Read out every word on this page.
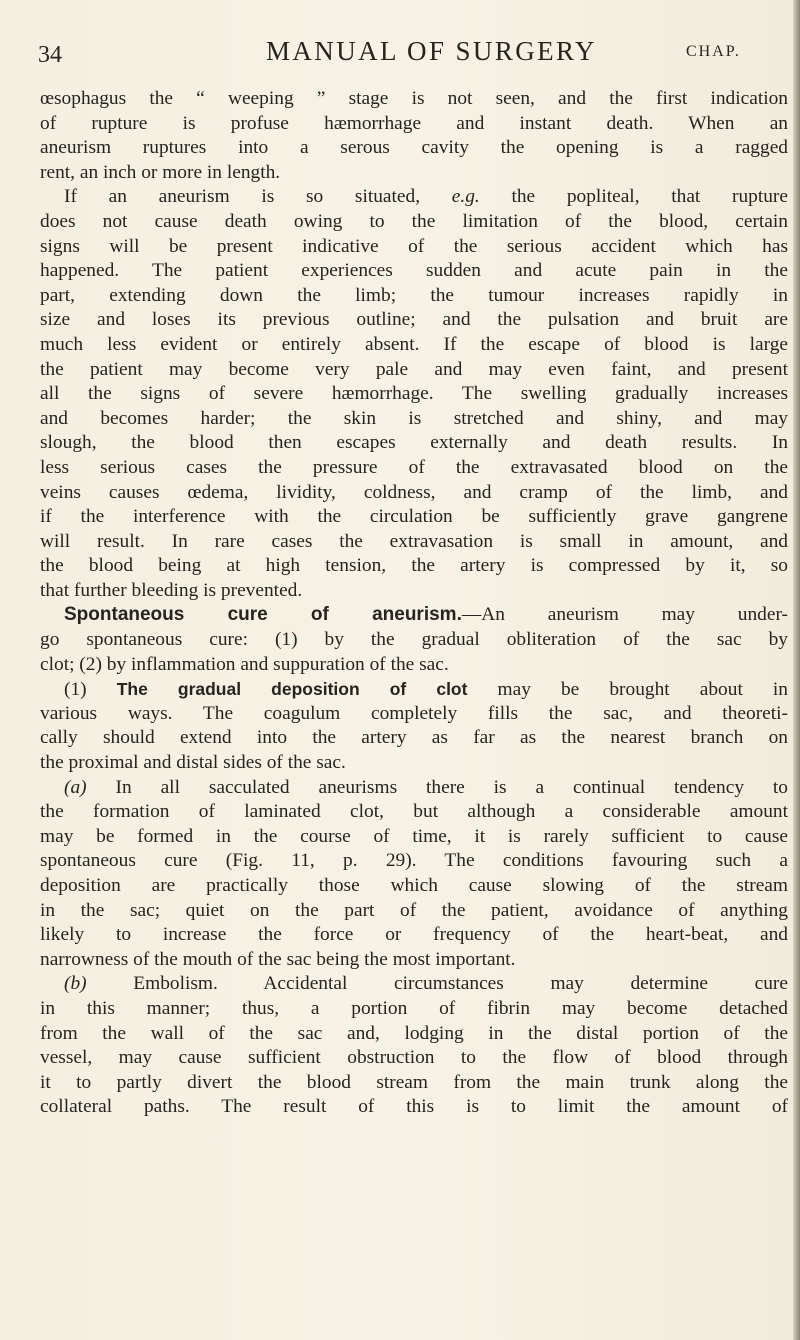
34	MANUAL OF SURGERY	CHAP.
œsophagus the “ weeping ” stage is not seen, and the first indication
of rupture is profuse hæmorrhage and instant death. When an
aneurism ruptures into a serous cavity the opening is a ragged
rent, an inch or more in length.
If an aneurism is so situated, e.g. the popliteal, that rupture
does not cause death owing to the limitation of the blood, certain
signs will be present indicative of the serious accident which has
happened. The patient experiences sudden and acute pain in the
part, extending down the limb; the tumour increases rapidly in
size and loses its previous outline; and the pulsation and bruit are
much less evident or entirely absent. If the escape of blood is large
the patient may become very pale and may even faint, and present
all the signs of severe hæmorrhage. The swelling gradually increases
and becomes harder; the skin is stretched and shiny, and may
slough, the blood then escapes externally and death results. In
less serious cases the pressure of the extravasated blood on the
veins causes œdema, lividity, coldness, and cramp of the limb, and
if the interference with the circulation be sufficiently grave gangrene
will result. In rare cases the extravasation is small in amount, and
the blood being at high tension, the artery is compressed by it, so
that further bleeding is prevented.
Spontaneous cure of aneurism.—An aneurism may under-
go spontaneous cure: (1) by the gradual obliteration of the sac by
clot; (2) by inflammation and suppuration of the sac.
(1) The gradual deposition of clot may be brought about in
various ways. The coagulum completely fills the sac, and theoreti-
cally should extend into the artery as far as the nearest branch on
the proximal and distal sides of the sac.
(a) In all sacculated aneurisms there is a continual tendency to
the formation of laminated clot, but although a considerable amount
may be formed in the course of time, it is rarely sufficient to cause
spontaneous cure (Fig. 11, p. 29). The conditions favouring such a
deposition are practically those which cause slowing of the stream
in the sac; quiet on the part of the patient, avoidance of anything
likely to increase the force or frequency of the heart-beat, and
narrowness of the mouth of the sac being the most important.
(b) Embolism. Accidental circumstances may determine cure
in this manner; thus, a portion of fibrin may become detached
from the wall of the sac and, lodging in the distal portion of the
vessel, may cause sufficient obstruction to the flow of blood through
it to partly divert the blood stream from the main trunk along the
collateral paths. The result of this is to limit the amount of
